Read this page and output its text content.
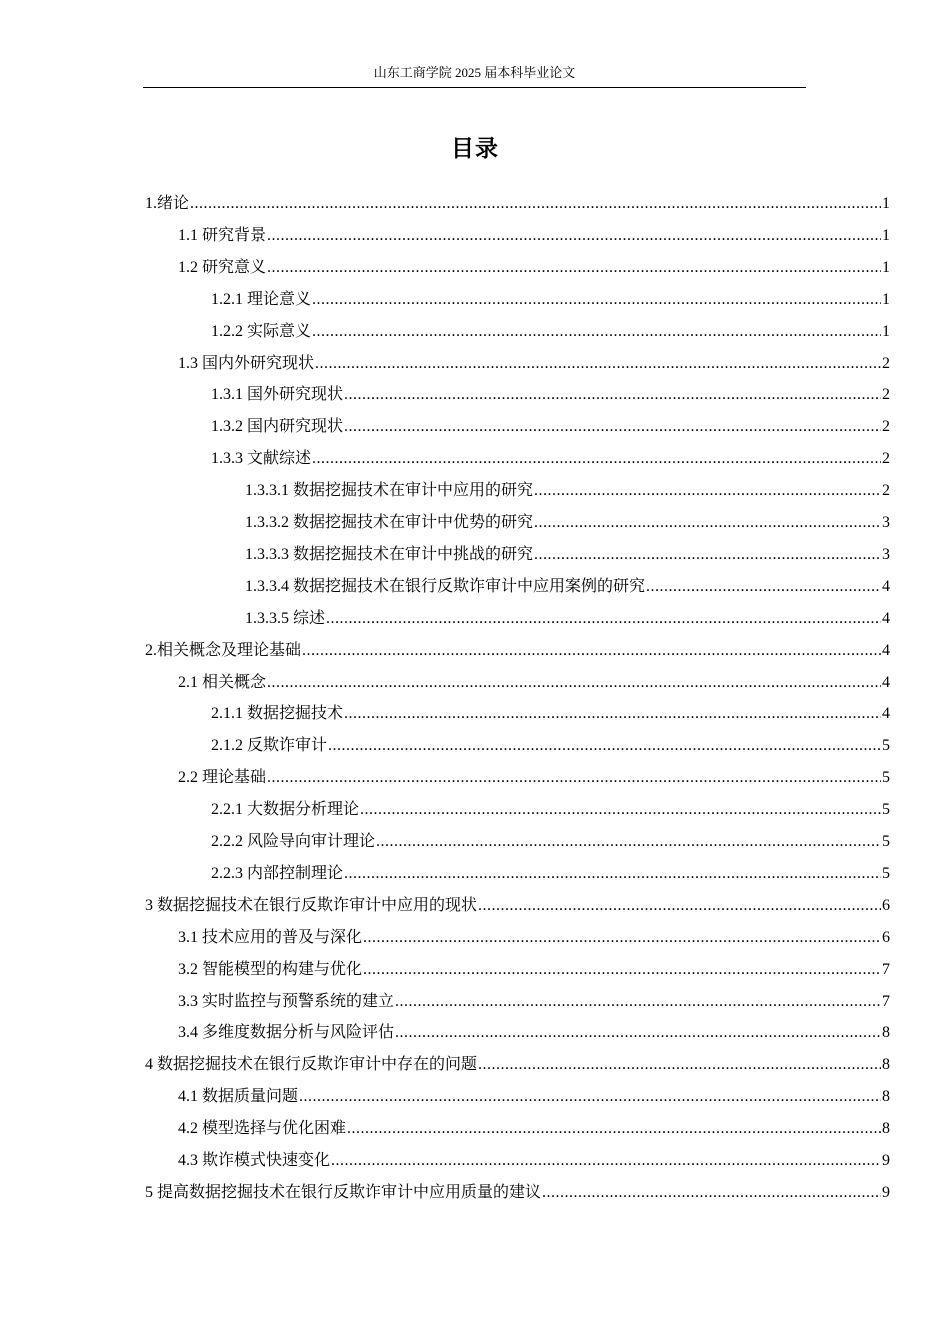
山东工商学院 2025 届本科毕业论文
目录
1.绪论 .....	1
1.1 研究背景 .....	1
1.2 研究意义 .....	1
1.2.1 理论意义 .....	1
1.2.2 实际意义 .....	1
1.3 国内外研究现状 .....	2
1.3.1 国外研究现状 .....	2
1.3.2 国内研究现状 .....	2
1.3.3 文献综述 .....	2
1.3.3.1 数据挖掘技术在审计中应用的研究 .....	2
1.3.3.2 数据挖掘技术在审计中优势的研究 .....	3
1.3.3.3 数据挖掘技术在审计中挑战的研究 .....	3
1.3.3.4 数据挖掘技术在银行反欺诈审计中应用案例的研究 .....	4
1.3.3.5 综述 .....	4
2.相关概念及理论基础 .....	4
2.1 相关概念 .....	4
2.1.1 数据挖掘技术 .....	4
2.1.2 反欺诈审计 .....	5
2.2 理论基础 .....	5
2.2.1 大数据分析理论 .....	5
2.2.2 风险导向审计理论 .....	5
2.2.3 内部控制理论 .....	5
3 数据挖掘技术在银行反欺诈审计中应用的现状 .....	6
3.1 技术应用的普及与深化 .....	6
3.2 智能模型的构建与优化 .....	7
3.3 实时监控与预警系统的建立 .....	7
3.4 多维度数据分析与风险评估 .....	8
4 数据挖掘技术在银行反欺诈审计中存在的问题 .....	8
4.1 数据质量问题 .....	8
4.2 模型选择与优化困难 .....	8
4.3 欺诈模式快速变化 .....	9
5 提高数据挖掘技术在银行反欺诈审计中应用质量的建议 .....	9
